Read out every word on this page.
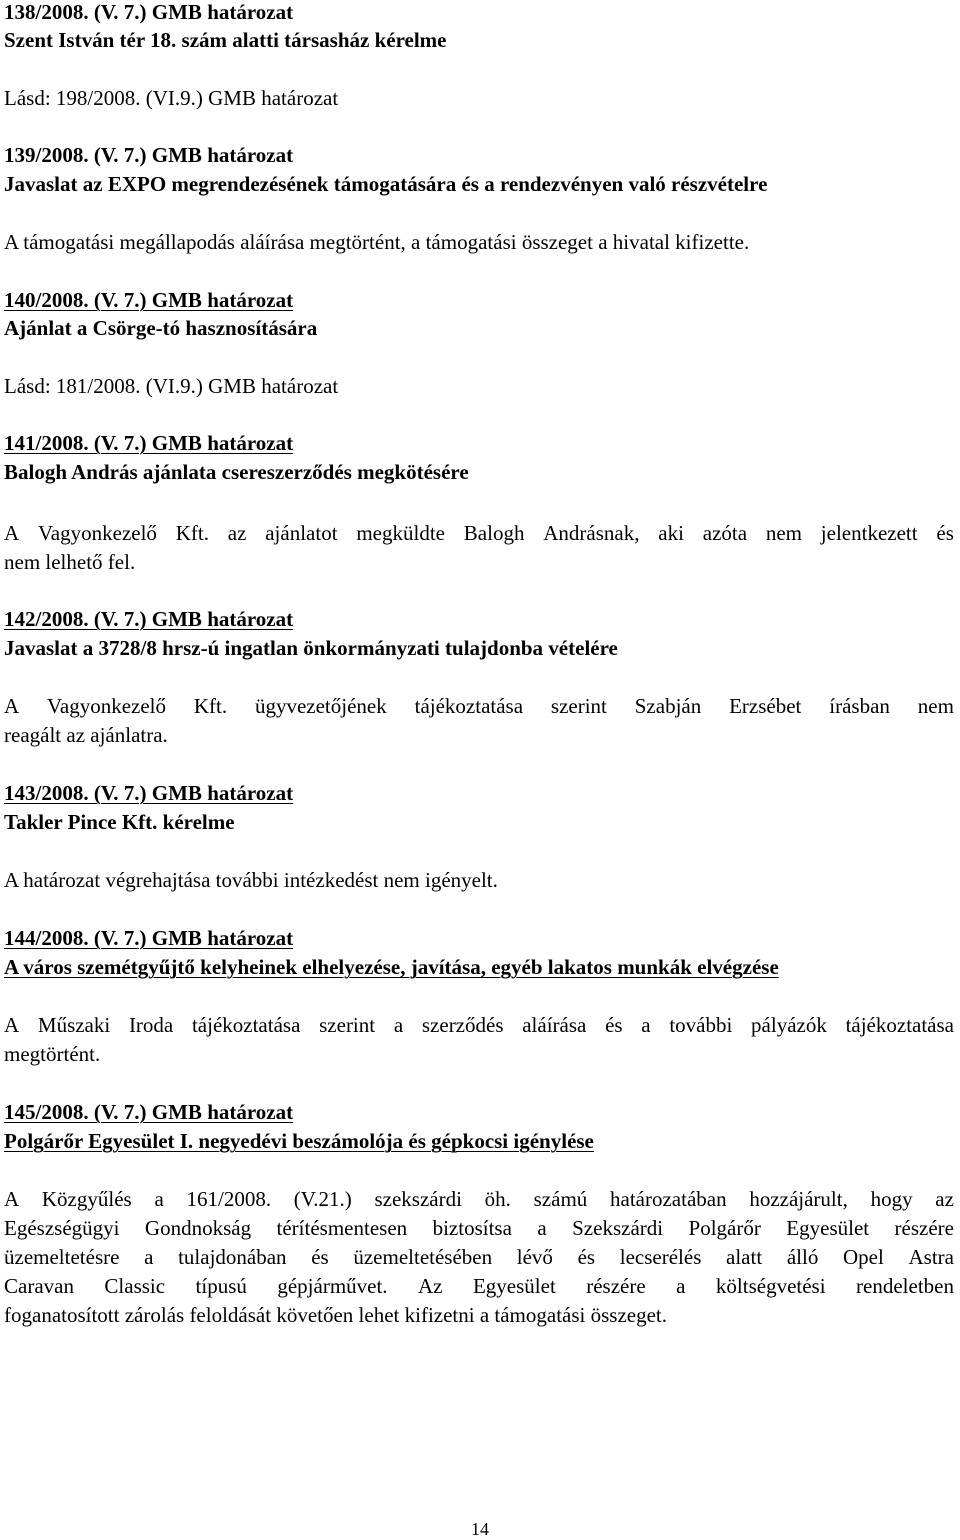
138/2008. (V. 7.) GMB határozat
Szent István tér 18. szám alatti társasház kérelme
Lásd: 198/2008. (VI.9.) GMB határozat
139/2008. (V. 7.) GMB határozat
Javaslat az EXPO megrendezésének támogatására és a rendezvényen való részvételre
A támogatási megállapodás aláírása megtörtént, a támogatási összeget a hivatal kifizette.
140/2008. (V. 7.) GMB határozat
Ajánlat a Csörge-tó hasznosítására
Lásd: 181/2008. (VI.9.) GMB határozat
141/2008. (V. 7.) GMB határozat
Balogh András ajánlata csereszerződés megkötésére
A Vagyonkezelő Kft. az ajánlatot megküldte Balogh Andrásnak, aki azóta nem jelentkezett és
nem lelhető fel.
142/2008. (V. 7.) GMB határozat
Javaslat a 3728/8 hrsz-ú ingatlan önkormányzati tulajdonba vételére
A Vagyonkezelő Kft. ügyvezetőjének tájékoztatása szerint Szabján Erzsébet írásban nem
reagált az ajánlatra.
143/2008. (V. 7.) GMB határozat
Takler Pince Kft. kérelme
A határozat végrehajtása további intézkedést nem igényelt.
144/2008. (V. 7.) GMB határozat
A város szemétgyűjtő kelyheinek elhelyezése, javítása, egyéb lakatos munkák elvégzése
A Műszaki Iroda tájékoztatása szerint a szerződés aláírása és a további pályázók tájékoztatása
megtörtént.
145/2008. (V. 7.) GMB határozat
Polgárőr Egyesület I. negyedévi beszámolója és gépkocsi igénylése
A Közgyűlés a 161/2008. (V.21.) szekszárdi öh. számú határozatában hozzájárult, hogy az
Egészségügyi Gondnokság térítésmentesen biztosítsa a Szekszárdi Polgárőr Egyesület részére
üzemeltetésre a tulajdonában és üzemeltetésében lévő és lecserélés alatt álló Opel Astra
Caravan Classic típusú gépjárművet. Az Egyesület részére a költségvetési rendeletben
foganatosított zárolás feloldását követően lehet kifizetni a támogatási összeget.
14
